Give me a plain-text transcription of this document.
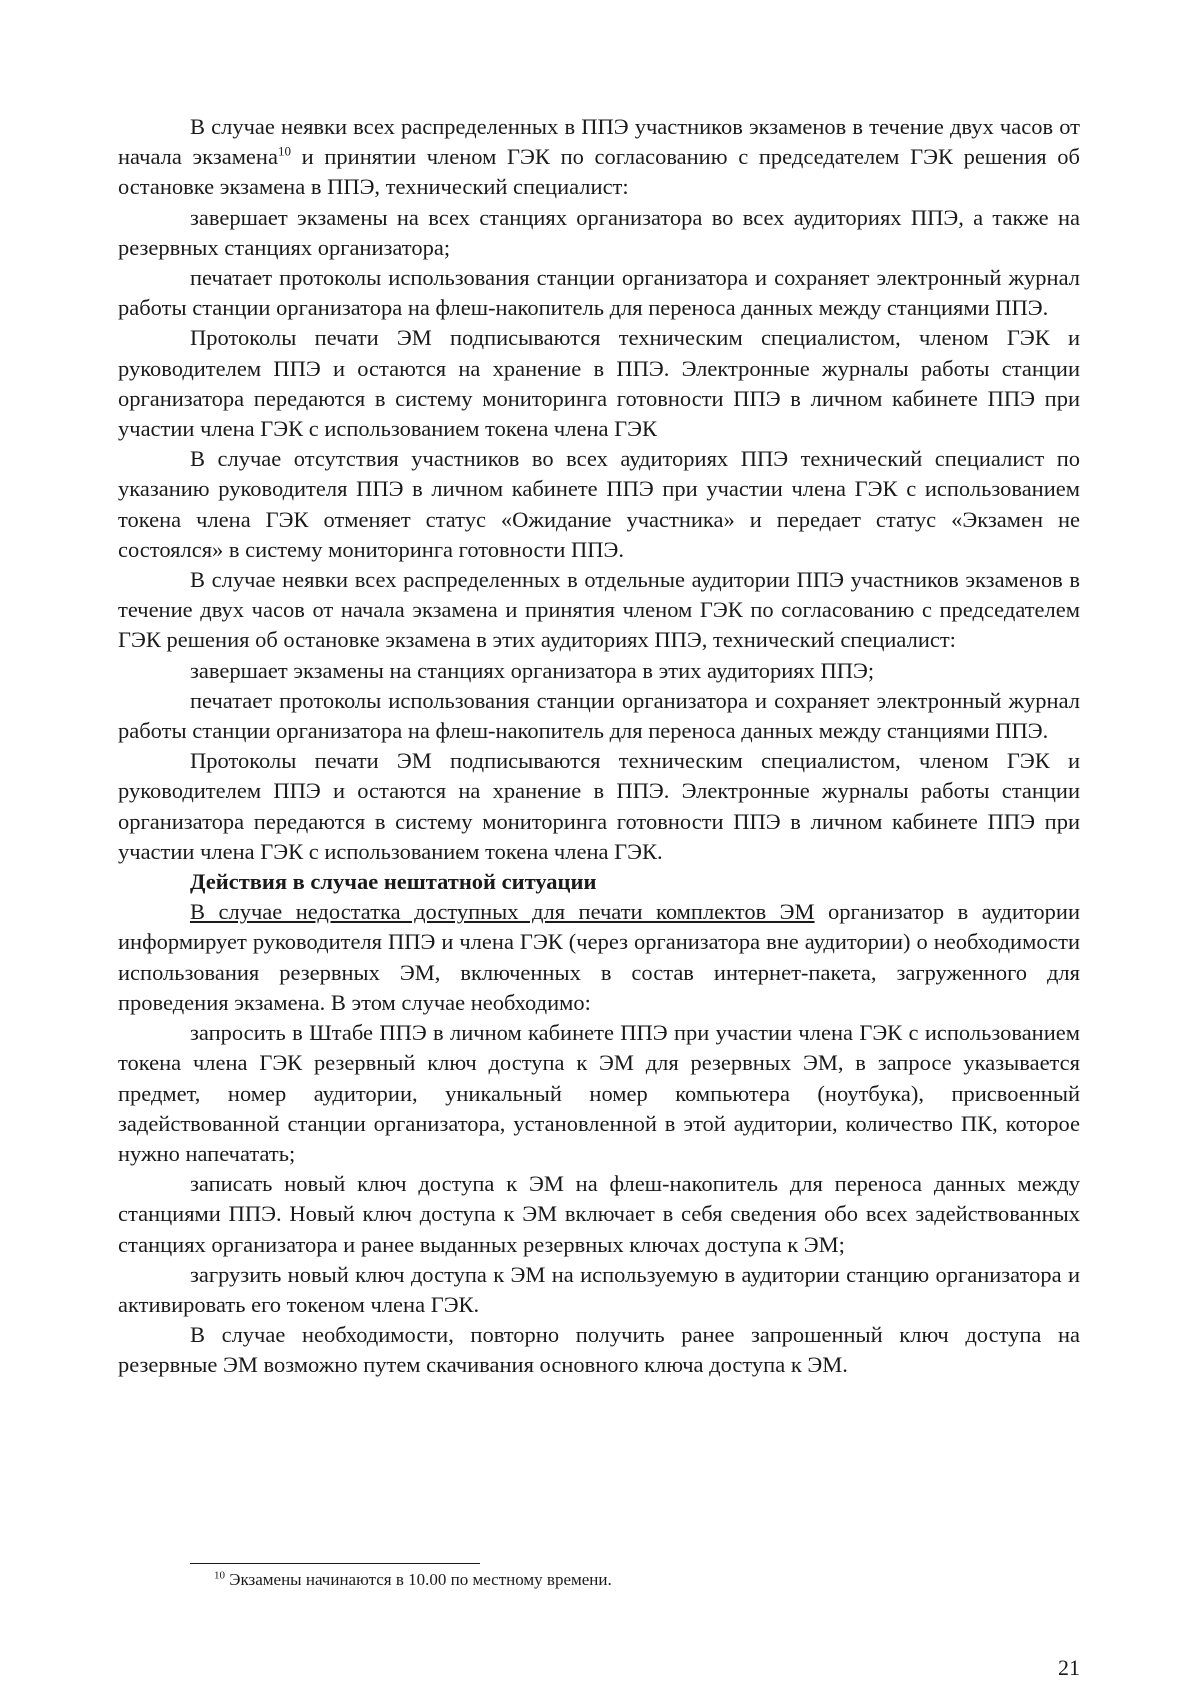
В случае неявки всех распределенных в ППЭ участников экзаменов в течение двух часов от начала экзамена$^{10}$ и принятии членом ГЭК по согласованию с председателем ГЭК решения об остановке экзамена в ППЭ, технический специалист:

завершает экзамены на всех станциях организатора во всех аудиториях ППЭ, а также на резервных станциях организатора;

печатает протоколы использования станции организатора и сохраняет электронный журнал работы станции организатора на флеш-накопитель для переноса данных между станциями ППЭ.

Протоколы печати ЭМ подписываются техническим специалистом, членом ГЭК и руководителем ППЭ и остаются на хранение в ППЭ. Электронные журналы работы станции организатора передаются в систему мониторинга готовности ППЭ в личном кабинете ППЭ при участии члена ГЭК с использованием токена члена ГЭК

В случае отсутствия участников во всех аудиториях ППЭ технический специалист по указанию руководителя ППЭ в личном кабинете ППЭ при участии члена ГЭК с использованием токена члена ГЭК отменяет статус «Ожидание участника» и передает статус «Экзамен не состоялся» в систему мониторинга готовности ППЭ.

В случае неявки всех распределенных в отдельные аудитории ППЭ участников экзаменов в течение двух часов от начала экзамена и принятия членом ГЭК по согласованию с председателем ГЭК решения об остановке экзамена в этих аудиториях ППЭ, технический специалист:

завершает экзамены на станциях организатора в этих аудиториях ППЭ;

печатает протоколы использования станции организатора и сохраняет электронный журнал работы станции организатора на флеш-накопитель для переноса данных между станциями ППЭ.

Протоколы печати ЭМ подписываются техническим специалистом, членом ГЭК и руководителем ППЭ и остаются на хранение в ППЭ. Электронные журналы работы станции организатора передаются в систему мониторинга готовности ППЭ в личном кабинете ППЭ при участии члена ГЭК с использованием токена члена ГЭК.

Действия в случае нештатной ситуации

В случае недостатка доступных для печати комплектов ЭМ организатор в аудитории информирует руководителя ППЭ и члена ГЭК (через организатора вне аудитории) о необходимости использования резервных ЭМ, включенных в состав интернет-пакета, загруженного для проведения экзамена. В этом случае необходимо:

запросить в Штабе ППЭ в личном кабинете ППЭ при участии члена ГЭК с использованием токена члена ГЭК резервный ключ доступа к ЭМ для резервных ЭМ, в запросе указывается предмет, номер аудитории, уникальный номер компьютера (ноутбука), присвоенный задействованной станции организатора, установленной в этой аудитории, количество ПК, которое нужно напечатать;

записать новый ключ доступа к ЭМ на флеш-накопитель для переноса данных между станциями ППЭ. Новый ключ доступа к ЭМ включает в себя сведения обо всех задействованных станциях организатора и ранее выданных резервных ключах доступа к ЭМ;

загрузить новый ключ доступа к ЭМ на используемую в аудитории станцию организатора и активировать его токеном члена ГЭК.

В случае необходимости, повторно получить ранее запрошенный ключ доступа на резервные ЭМ возможно путем скачивания основного ключа доступа к ЭМ.

$^{10}$ Экзамены начинаются в 10.00 по местному времени.
21
